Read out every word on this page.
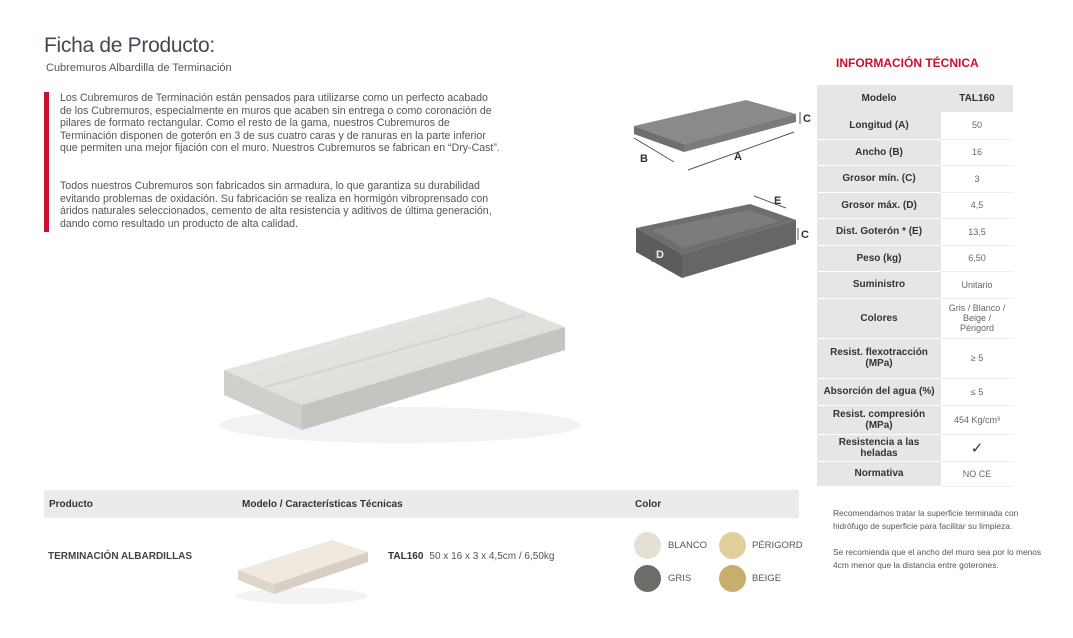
Ficha de Producto:
Cubremuros Albardilla de Terminación

Los Cubremuros de Terminación están pensados para utilizarse como un perfecto acabado de los Cubremuros, especialmente en muros que acaben sin entrega o como coronación de pilares de formato rectangular. Como el resto de la gama, nuestros Cubremuros de Terminación disponen de goterón en 3 de sus cuatro caras y de ranuras en la parte inferior que permiten una mejor fijación con el muro. Nuestros Cubremuros se fabrican en “Dry-Cast”.

Todos nuestros Cubremuros son fabricados sin armadura, lo que garantiza su durabilidad evitando problemas de oxidación. Su fabricación se realiza en hormigón vibroprensado con áridos naturales seleccionados, cemento de alta resistencia y aditivos de última generación, dando como resultado un producto de alta calidad.

B	A
C
E
D
C
INFORMACIÓN TÉCNICA
Modelo	TAL160
Longitud (A)	50
Ancho (B)	16
Grosor mín. (C)	3
Grosor máx. (D)	4,5
Dist. Goterón * (E)	13,5
Peso (kg)	6,50
Suministro	Unitario
Colores	Gris / Blanco / Beige / Périgord
Resist. flexotracción (MPa)	≥ 5
Absorción del agua (%)	≤ 5
Resist. compresión (MPa)	454 Kg/cm³
Resistencia a las heladas	✓
Normativa	NO CE
Recomendamos tratar la superficie terminada con hidrófugo de superficie para facilitar su limpieza.
Se recomienda que el ancho del muro sea por lo menos 4cm menor que la distancia entre goterones.
Producto	Modelo / Características Técnicas	Color
TERMINACIÓN ALBARDILLAS	TAL160 50 x 16 x 3 x 4,5cm / 6,50kg
BLANCO	PÉRIGORD
GRIS	BEIGE
